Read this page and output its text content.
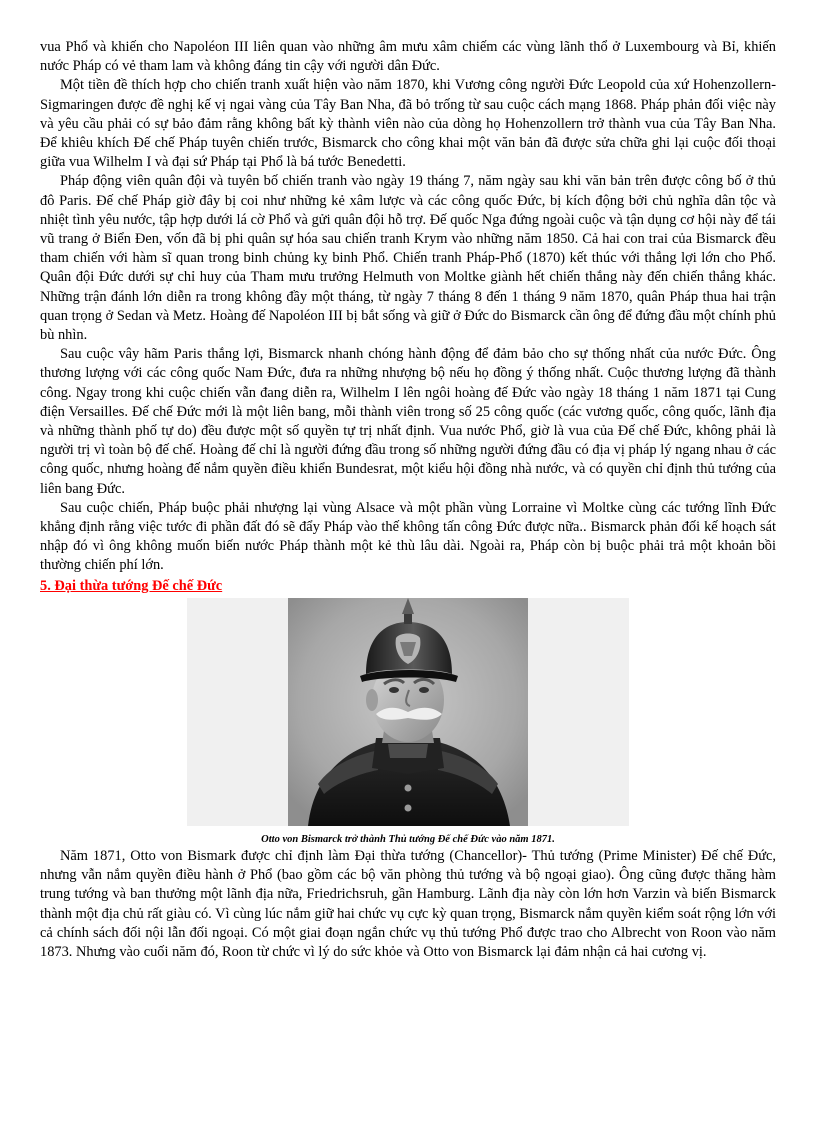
vua Phổ và khiến cho Napoléon III liên quan vào những âm mưu xâm chiếm các vùng lãnh thổ ở Luxembourg và Bỉ, khiến nước Pháp có vẻ tham lam và không đáng tin cậy với người dân Đức.

Một tiền đề thích hợp cho chiến tranh xuất hiện vào năm 1870, khi Vương công người Đức Leopold của xứ Hohenzollern-Sigmaringen được đề nghị kế vị ngai vàng của Tây Ban Nha, đã bỏ trống từ sau cuộc cách mạng 1868. Pháp phản đối việc này và yêu cầu phải có sự bảo đảm rằng không bất kỳ thành viên nào của dòng họ Hohenzollern trở thành vua của Tây Ban Nha. Để khiêu khích Đế chế Pháp tuyên chiến trước, Bismarck cho công khai một văn bản đã được sửa chữa ghi lại cuộc đối thoại giữa vua Wilhelm I và đại sứ Pháp tại Phổ là bá tước Benedetti.

Pháp động viên quân đội và tuyên bố chiến tranh vào ngày 19 tháng 7, năm ngày sau khi văn bản trên được công bố ở thủ đô Paris. Đế chế Pháp giờ đây bị coi như những kẻ xâm lược và các công quốc Đức, bị kích động bởi chủ nghĩa dân tộc và nhiệt tình yêu nước, tập hợp dưới lá cờ Phổ và gửi quân đội hỗ trợ. Đế quốc Nga đứng ngoài cuộc và tận dụng cơ hội này để tái vũ trang ở Biển Đen, vốn đã bị phi quân sự hóa sau chiến tranh Krym vào những năm 1850. Cả hai con trai của Bismarck đều tham chiến với hàm sĩ quan trong binh chủng kỵ binh Phổ. Chiến tranh Pháp-Phổ (1870) kết thúc với thắng lợi lớn cho Phổ. Quân đội Đức dưới sự chỉ huy của Tham mưu trưởng Helmuth von Moltke giành hết chiến thắng này đến chiến thắng khác. Những trận đánh lớn diễn ra trong không đầy một tháng, từ ngày 7 tháng 8 đến 1 tháng 9 năm 1870, quân Pháp thua hai trận quan trọng ở Sedan và Metz. Hoàng đế Napoléon III bị bắt sống và giữ ở Đức do Bismarck cần ông để đứng đầu một chính phủ bù nhìn.

Sau cuộc vây hãm Paris thắng lợi, Bismarck nhanh chóng hành động để đảm bảo cho sự thống nhất của nước Đức. Ông thương lượng với các công quốc Nam Đức, đưa ra những nhượng bộ nếu họ đồng ý thống nhất. Cuộc thương lượng đã thành công. Ngay trong khi cuộc chiến vẫn đang diễn ra, Wilhelm I lên ngôi hoàng đế Đức vào ngày 18 tháng 1 năm 1871 tại Cung điện Versailles. Đế chế Đức mới là một liên bang, mỗi thành viên trong số 25 công quốc (các vương quốc, công quốc, lãnh địa và những thành phố tự do) đều được một số quyền tự trị nhất định. Vua nước Phổ, giờ là vua của Đế chế Đức, không phải là người trị vì toàn bộ đế chế. Hoàng đế chỉ là người đứng đầu trong số những người đứng đầu có địa vị pháp lý ngang nhau ở các công quốc, nhưng hoàng đế nắm quyền điều khiển Bundesrat, một kiểu hội đồng nhà nước, và có quyền chỉ định thủ tướng của liên bang Đức.

Sau cuộc chiến, Pháp buộc phải nhượng lại vùng Alsace và một phần vùng Lorraine vì Moltke cùng các tướng lĩnh Đức khẳng định rằng việc tước đi phần đất đó sẽ đẩy Pháp vào thế không tấn công Đức được nữa.. Bismarck phản đối kế hoạch sát nhập đó vì ông không muốn biến nước Pháp thành một kẻ thù lâu dài. Ngoài ra, Pháp còn bị buộc phải trả một khoản bồi thường chiến phí lớn.

5. Đại thừa tướng Đế chế Đức

Otto von Bismarck trở thành Thủ tướng Đế chế Đức vào năm 1871.

Năm 1871, Otto von Bismark được chỉ định làm Đại thừa tướng (Chancellor)- Thủ tướng (Prime Minister) Đế chế Đức, nhưng vẫn nắm quyền điều hành ở Phổ (bao gồm các bộ văn phòng thủ tướng và bộ ngoại giao). Ông cũng được thăng hàm trung tướng và ban thưởng một lãnh địa nữa, Friedrichsruh, gần Hamburg. Lãnh địa này còn lớn hơn Varzin và biến Bismarck thành một địa chủ rất giàu có. Vì cùng lúc nắm giữ hai chức vụ cực kỳ quan trọng, Bismarck nắm quyền kiểm soát rộng lớn với cả chính sách đối nội lẫn đối ngoại. Có một giai đoạn ngắn chức vụ thủ tướng Phổ được trao cho Albrecht von Roon vào năm 1873. Nhưng vào cuối năm đó, Roon từ chức vì lý do sức khỏe và Otto von Bismarck lại đảm nhận cả hai cương vị.
